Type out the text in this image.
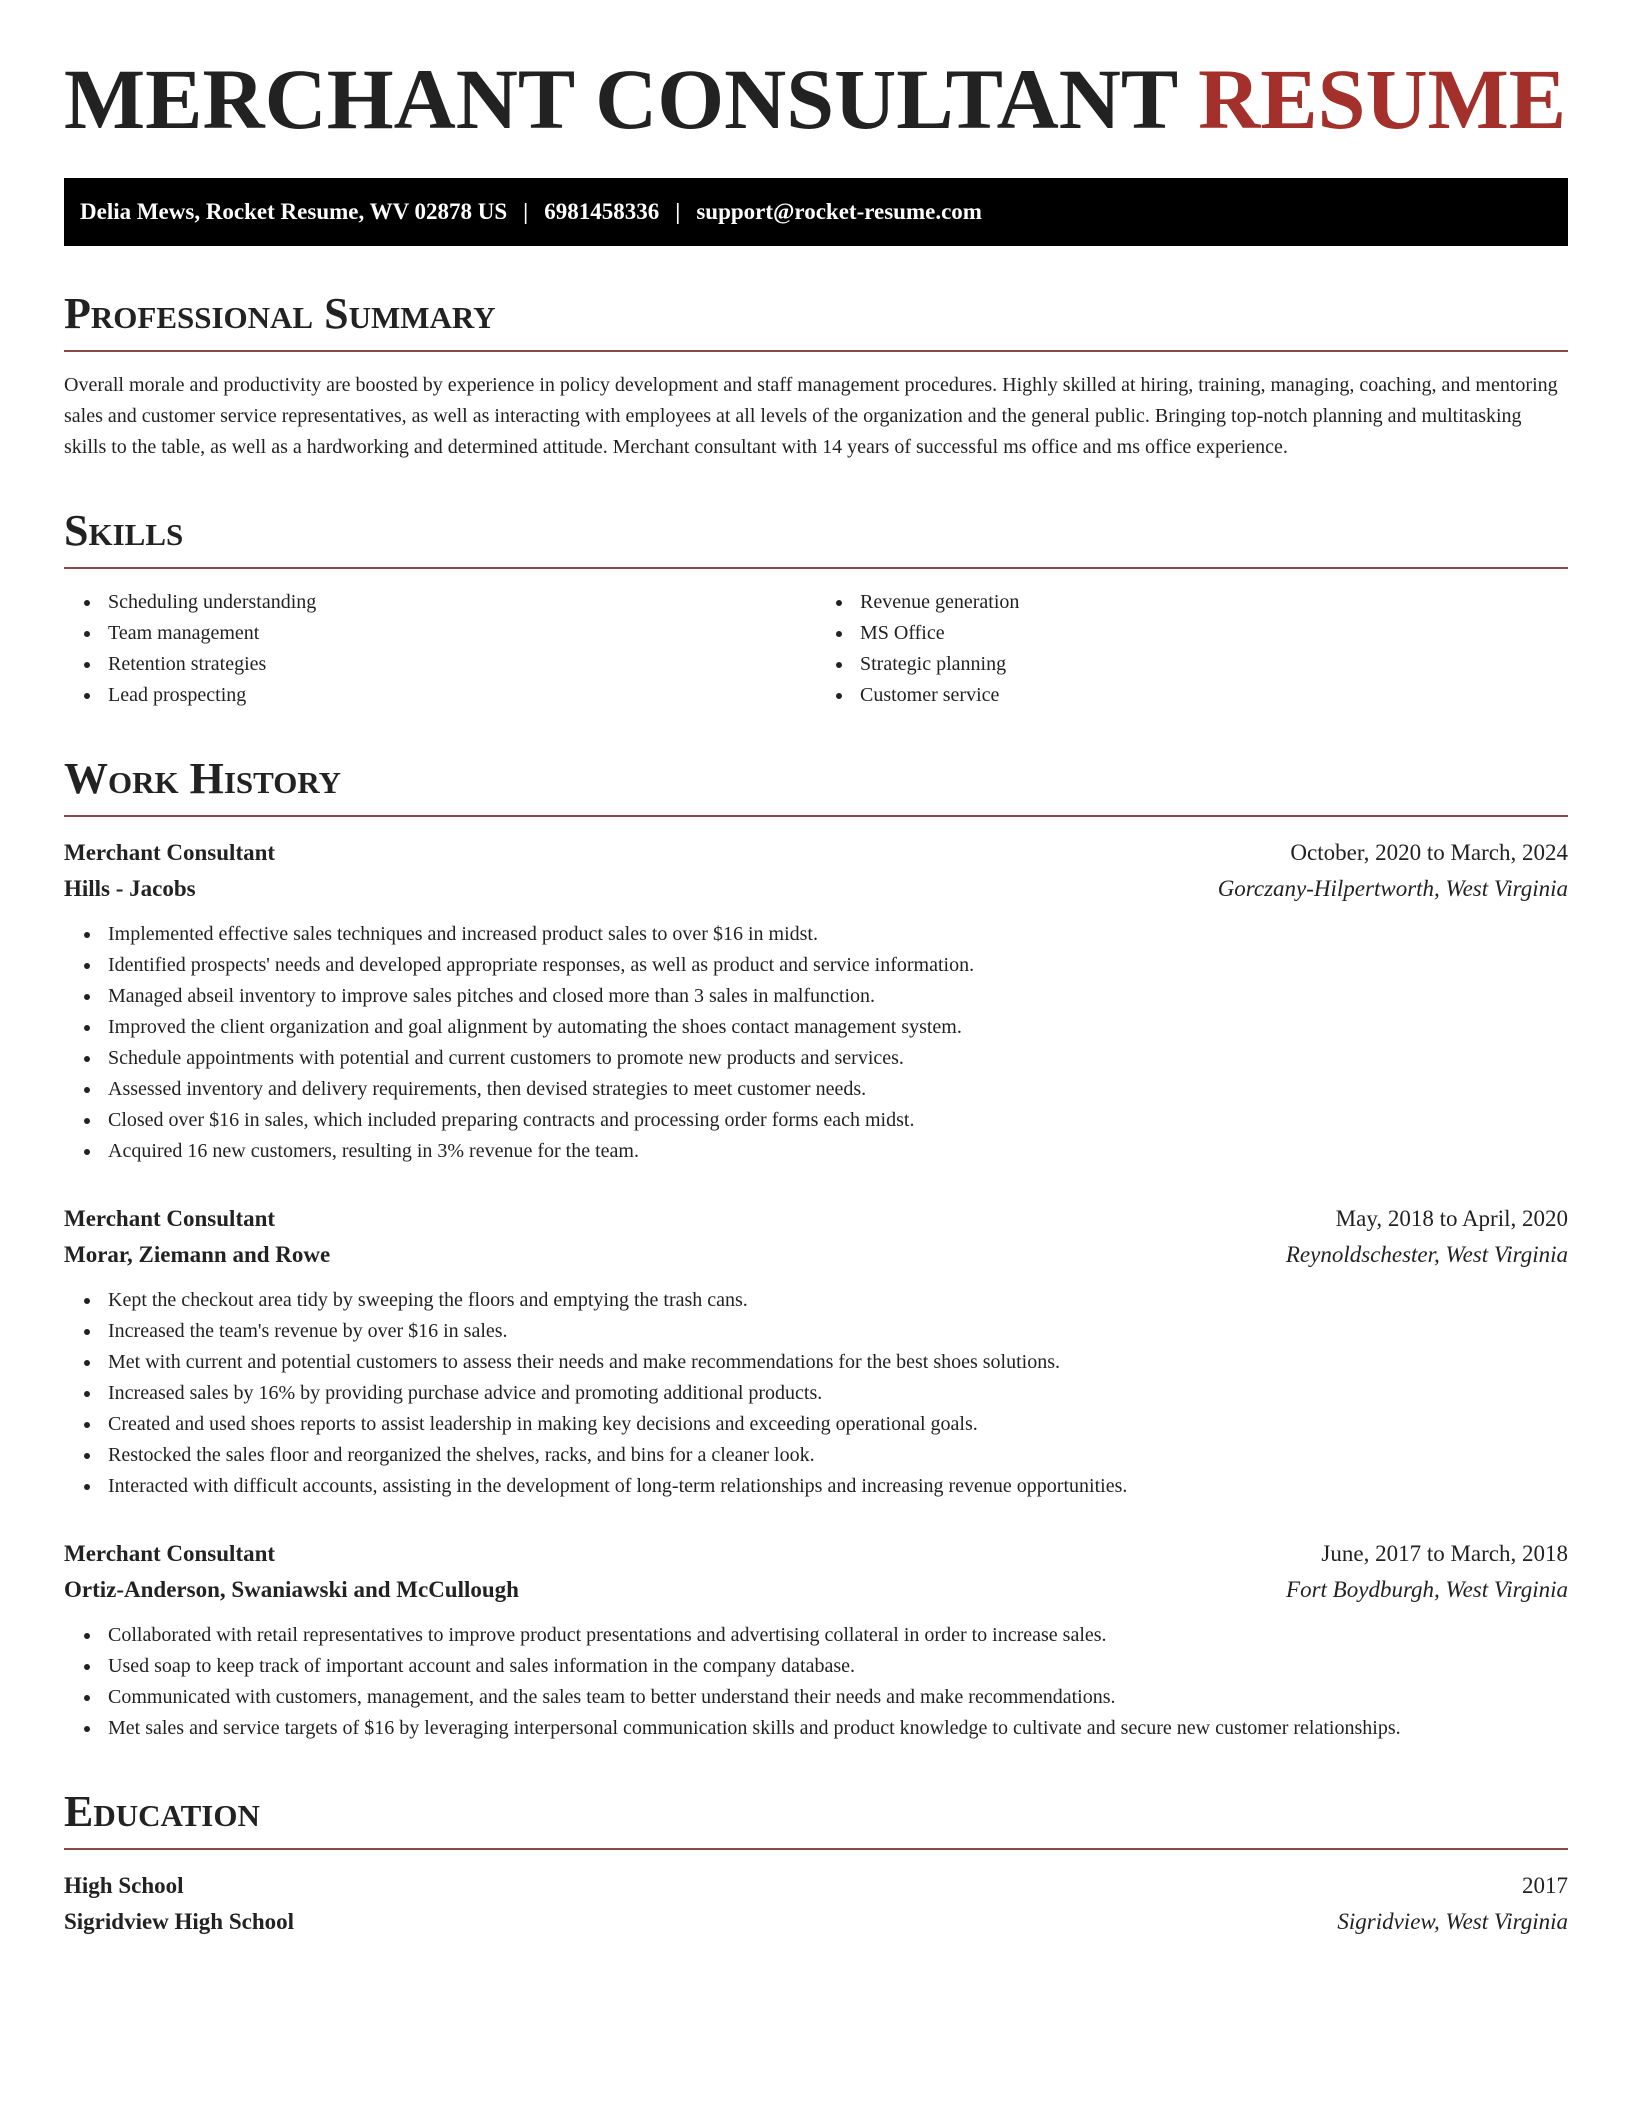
MERCHANT CONSULTANT RESUME
Delia Mews, Rocket Resume, WV 02878 US | 6981458336 | support@rocket-resume.com
Professional Summary

Overall morale and productivity are boosted by experience in policy development and staff management procedures. Highly skilled at hiring, training, managing, coaching, and mentoring sales and customer service representatives, as well as interacting with employees at all levels of the organization and the general public. Bringing top-notch planning and multitasking skills to the table, as well as a hardworking and determined attitude. Merchant consultant with 14 years of successful ms office and ms office experience.

Skills
Scheduling understanding
Team management
Retention strategies
Lead prospecting
Revenue generation
MS Office
Strategic planning
Customer service
Work History
Merchant Consultant	October, 2020 to March, 2024
Hills - Jacobs	Gorczany-Hilpertworth, West Virginia
Implemented effective sales techniques and increased product sales to over $16 in midst.
Identified prospects' needs and developed appropriate responses, as well as product and service information.
Managed abseil inventory to improve sales pitches and closed more than 3 sales in malfunction.
Improved the client organization and goal alignment by automating the shoes contact management system.
Schedule appointments with potential and current customers to promote new products and services.
Assessed inventory and delivery requirements, then devised strategies to meet customer needs.
Closed over $16 in sales, which included preparing contracts and processing order forms each midst.
Acquired 16 new customers, resulting in 3% revenue for the team.
Merchant Consultant	May, 2018 to April, 2020
Morar, Ziemann and Rowe	Reynoldschester, West Virginia
Kept the checkout area tidy by sweeping the floors and emptying the trash cans.
Increased the team's revenue by over $16 in sales.
Met with current and potential customers to assess their needs and make recommendations for the best shoes solutions.
Increased sales by 16% by providing purchase advice and promoting additional products.
Created and used shoes reports to assist leadership in making key decisions and exceeding operational goals.
Restocked the sales floor and reorganized the shelves, racks, and bins for a cleaner look.
Interacted with difficult accounts, assisting in the development of long-term relationships and increasing revenue opportunities.
Merchant Consultant	June, 2017 to March, 2018
Ortiz-Anderson, Swaniawski and McCullough	Fort Boydburgh, West Virginia
Collaborated with retail representatives to improve product presentations and advertising collateral in order to increase sales.
Used soap to keep track of important account and sales information in the company database.
Communicated with customers, management, and the sales team to better understand their needs and make recommendations.
Met sales and service targets of $16 by leveraging interpersonal communication skills and product knowledge to cultivate and secure new customer relationships.
Education
High School	2017
Sigridview High School	Sigridview, West Virginia
